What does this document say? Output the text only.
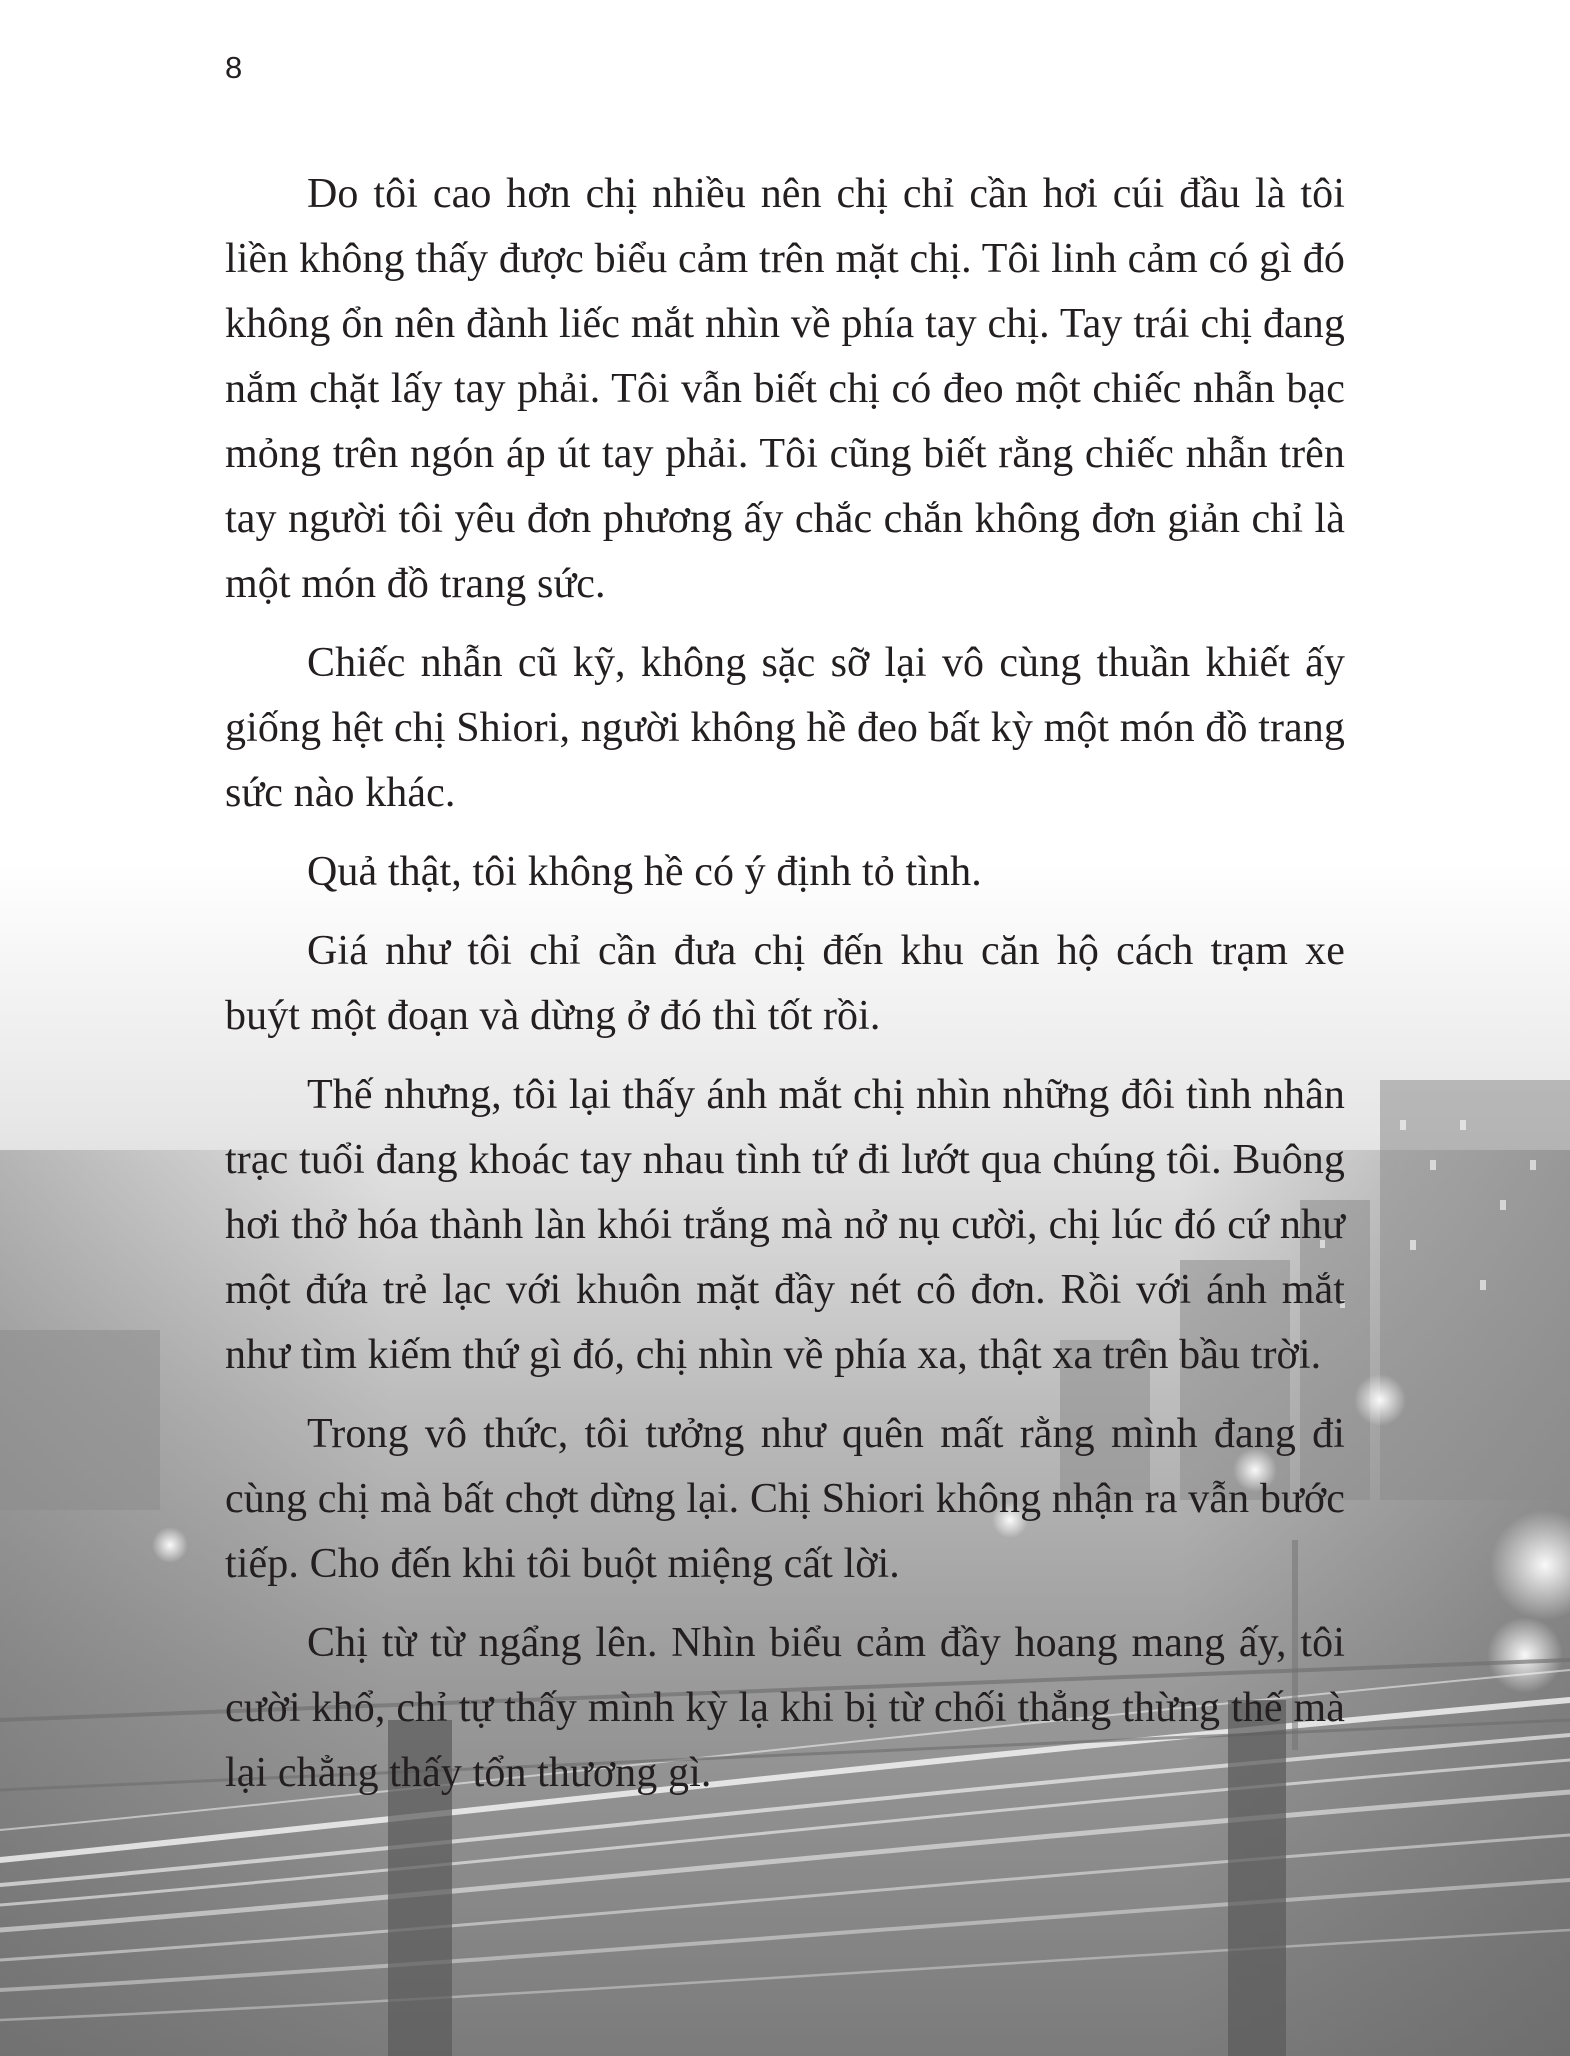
8

Do tôi cao hơn chị nhiều nên chị chỉ cần hơi cúi đầu là tôi liền không thấy được biểu cảm trên mặt chị. Tôi linh cảm có gì đó không ổn nên đành liếc mắt nhìn về phía tay chị. Tay trái chị đang nắm chặt lấy tay phải. Tôi vẫn biết chị có đeo một chiếc nhẫn bạc mỏng trên ngón áp út tay phải. Tôi cũng biết rằng chiếc nhẫn trên tay người tôi yêu đơn phương ấy chắc chắn không đơn giản chỉ là một món đồ trang sức.

Chiếc nhẫn cũ kỹ, không sặc sỡ lại vô cùng thuần khiết ấy giống hệt chị Shiori, người không hề đeo bất kỳ một món đồ trang sức nào khác.

Quả thật, tôi không hề có ý định tỏ tình.

Giá như tôi chỉ cần đưa chị đến khu căn hộ cách trạm xe buýt một đoạn và dừng ở đó thì tốt rồi.

Thế nhưng, tôi lại thấy ánh mắt chị nhìn những đôi tình nhân trạc tuổi đang khoác tay nhau tình tứ đi lướt qua chúng tôi. Buông hơi thở hóa thành làn khói trắng mà nở nụ cười, chị lúc đó cứ như một đứa trẻ lạc với khuôn mặt đầy nét cô đơn. Rồi với ánh mắt như tìm kiếm thứ gì đó, chị nhìn về phía xa, thật xa trên bầu trời.

Trong vô thức, tôi tưởng như quên mất rằng mình đang đi cùng chị mà bất chợt dừng lại. Chị Shiori không nhận ra vẫn bước tiếp. Cho đến khi tôi buột miệng cất lời.

Chị từ từ ngẩng lên. Nhìn biểu cảm đầy hoang mang ấy, tôi cười khổ, chỉ tự thấy mình kỳ lạ khi bị từ chối thẳng thừng thế mà lại chẳng thấy tổn thương gì.
